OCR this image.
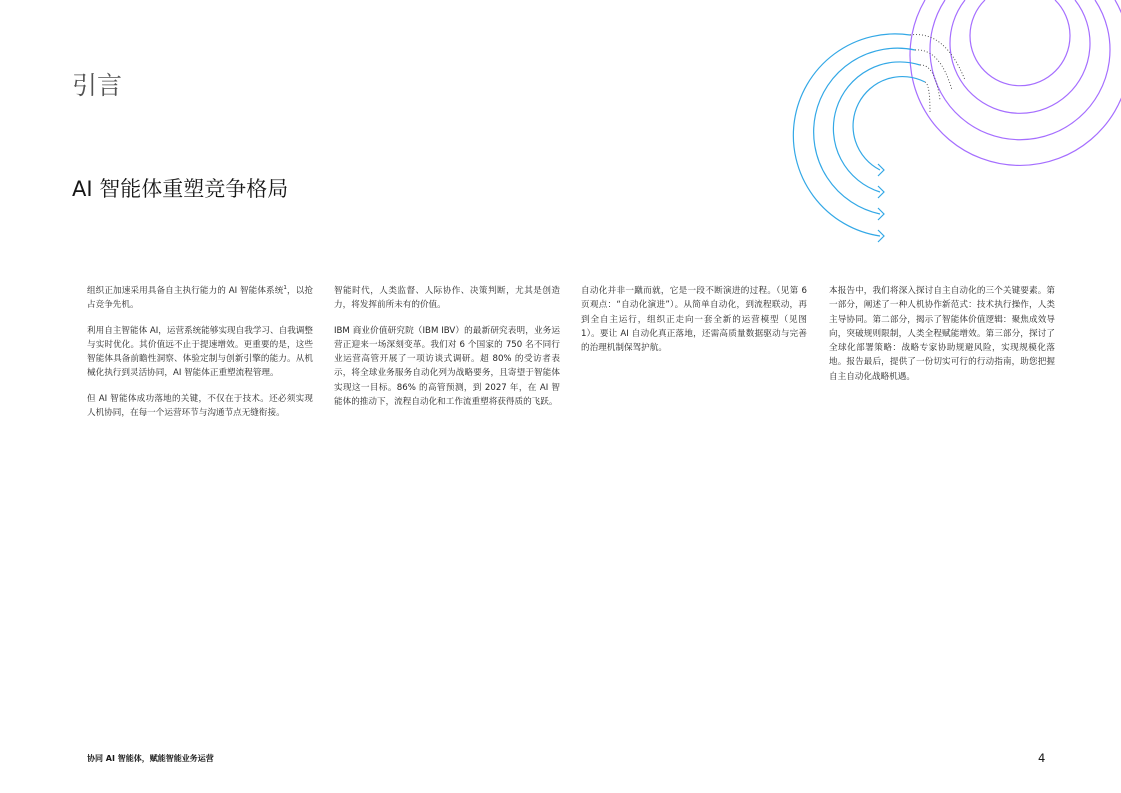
引言
AI 智能体重塑竞争格局

组织正加速采用具备自主执行能力的 AI 智能体系统$^1$，以抢占竞争先机。

利用自主智能体 AI，运营系统能够实现自我学习、自我调整与实时优化。其价值远不止于提速增效。更重要的是，这些智能体具备前瞻性洞察、体验定制与创新引擎的能力。从机械化执行到灵活协同，AI 智能体正重塑流程管理。

但 AI 智能体成功落地的关键，不仅在于技术。还必须实现人机协同，在每一个运营环节与沟通节点无缝衔接。

智能时代，人类监督、人际协作、决策判断，尤其是创造力，将发挥前所未有的价值。

IBM 商业价值研究院（IBM IBV）的最新研究表明，业务运营正迎来一场深刻变革。我们对 6 个国家的 750 名不同行业运营高管开展了一项访谈式调研。超 80% 的受访者表示，将全球业务服务自动化列为战略要务，且寄望于智能体实现这一目标。86% 的高管预测，到 2027 年，在 AI 智能体的推动下，流程自动化和工作流重塑将获得质的飞跃。

自动化并非一蹴而就，它是一段不断演进的过程。（见第 6 页观点：“自动化演进”）。从简单自动化，到流程联动，再到全自主运行，组织正走向一套全新的运营模型（见图 1）。要让 AI 自动化真正落地，还需高质量数据驱动与完善的治理机制保驾护航。

本报告中，我们将深入探讨自主自动化的三个关键要素。第一部分，阐述了一种人机协作新范式：技术执行操作，人类主导协同。第二部分，揭示了智能体价值逻辑：聚焦成效导向，突破规则限制，人类全程赋能增效。第三部分，探讨了全球化部署策略：战略专家协助规避风险，实现规模化落地。报告最后，提供了一份切实可行的行动指南，助您把握自主自动化战略机遇。

协同 AI 智能体，赋能智能业务运营	4
